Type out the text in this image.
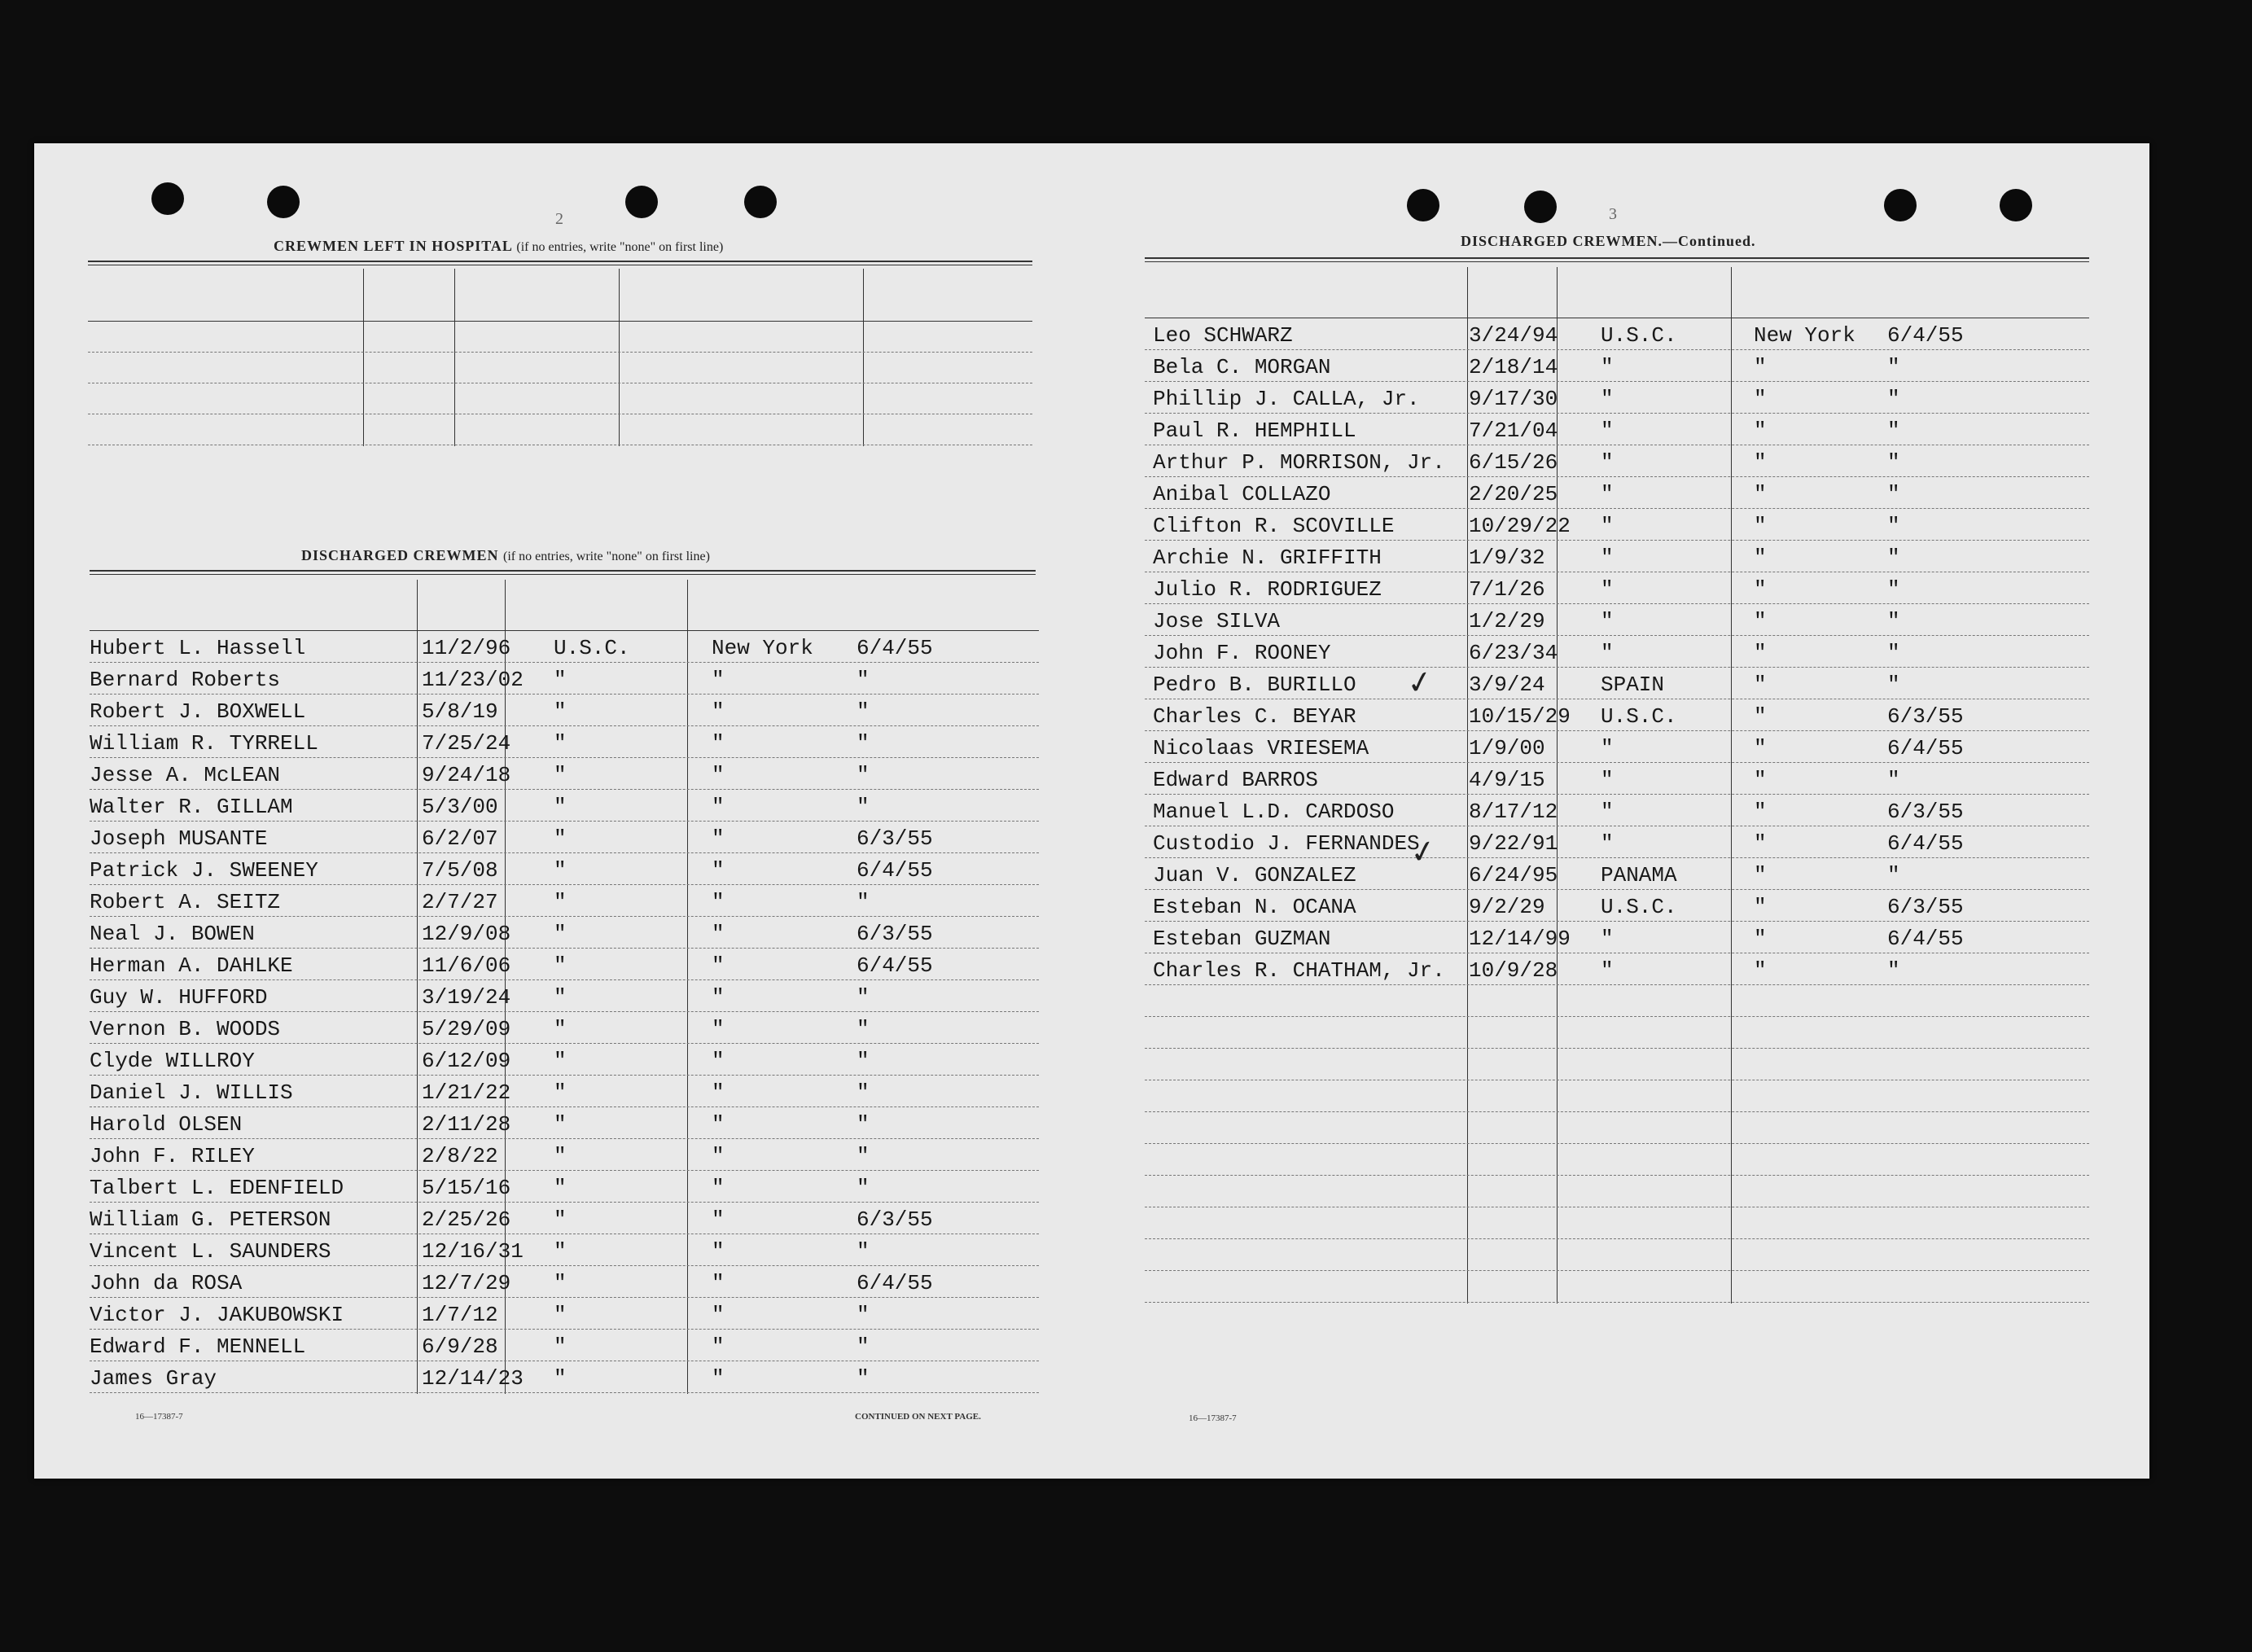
2
CREWMEN LEFT IN HOSPITAL (if no entries, write "none" on first line)
DISCHARGED CREWMEN (if no entries, write "none" on first line)
Hubert L. Hassell	11/2/96 U.S.C.	New York 6/4/55
Bernard Roberts	11/23/02 "	"	"
Robert J. BOXWELL	5/8/19	"	"	"
William R. TYRRELL	7/25/24 "	"	"
Jesse A. McLEAN	9/24/18 "	"	"
Walter R. GILLAM	5/3/00	"	"	"
Joseph MUSANTE	6/2/07	"	"	6/3/55
Patrick J. SWEENEY	7/5/08	"	"	6/4/55
Robert A. SEITZ	2/7/27	"	"	"
Neal J. BOWEN	12/9/08 "	"	6/3/55
Herman A. DAHLKE	11/6/06 "	"	6/4/55
Guy W. HUFFORD	3/19/24 "	"	"
Vernon B. WOODS	5/29/09 "	"	"
Clyde WILLROY	6/12/09 "	"	"
Daniel J. WILLIS	1/21/22 "	"	"
Harold OLSEN	2/11/28 "	"	"
John F. RILEY	2/8/22	"	"	"
Talbert L. EDENFIELD	5/15/16 "	"	"
William G. PETERSON	2/25/26 "	"	6/3/55
Vincent L. SAUNDERS	12/16/31 "	"	"
John da ROSA	12/7/29 "	"	6/4/55
Victor J. JAKUBOWSKI	1/7/12	"	"	"
Edward F. MENNELL	6/9/28	"	"	"
James Gray	12/14/23 "	"	"
16—17387-7	CONTINUED ON NEXT PAGE.
3
DISCHARGED CREWMEN.—Continued.
Leo SCHWARZ	3/24/94 U.S.C.	New York 6/4/55
Bela C. MORGAN	2/18/14 "	"	"
Phillip J. CALLA, Jr. 9/17/30 "	"	"
Paul R. HEMPHILL	7/21/04 "	"	"
Arthur P. MORRISON, Jr. 6/15/26 "	"	"
Anibal COLLAZO	2/20/25 "	"	"
Clifton R. SCOVILLE	10/29/22 "	"	"
Archie N. GRIFFITH	1/9/32	"	"	"
Julio R. RODRIGUEZ	7/1/26	"	"	"
Jose SILVA	1/2/29	"	"	"
John F. ROONEY	6/23/34 "	"	"
Pedro B. BURILLO	3/9/24	SPAIN	"	"
Charles C. BEYAR	10/15/29 U.S.C.	"	6/3/55
Nicolaas VRIESEMA	1/9/00	"	"	6/4/55
Edward BARROS	4/9/15	"	"	"
Manuel L.D. CARDOSO	8/17/12 "	"	6/3/55
Custodio J. FERNANDES 9/22/91 "	"	6/4/55
Juan V. GONZALEZ	6/24/95 PANAMA	"	"
Esteban N. OCANA	9/2/29	U.S.C.	"	6/3/55
Esteban GUZMAN	12/14/99 "	"	6/4/55
Charles R. CHATHAM, Jr. 10/9/28 "	"	"
16—17387-7
✓
✓
